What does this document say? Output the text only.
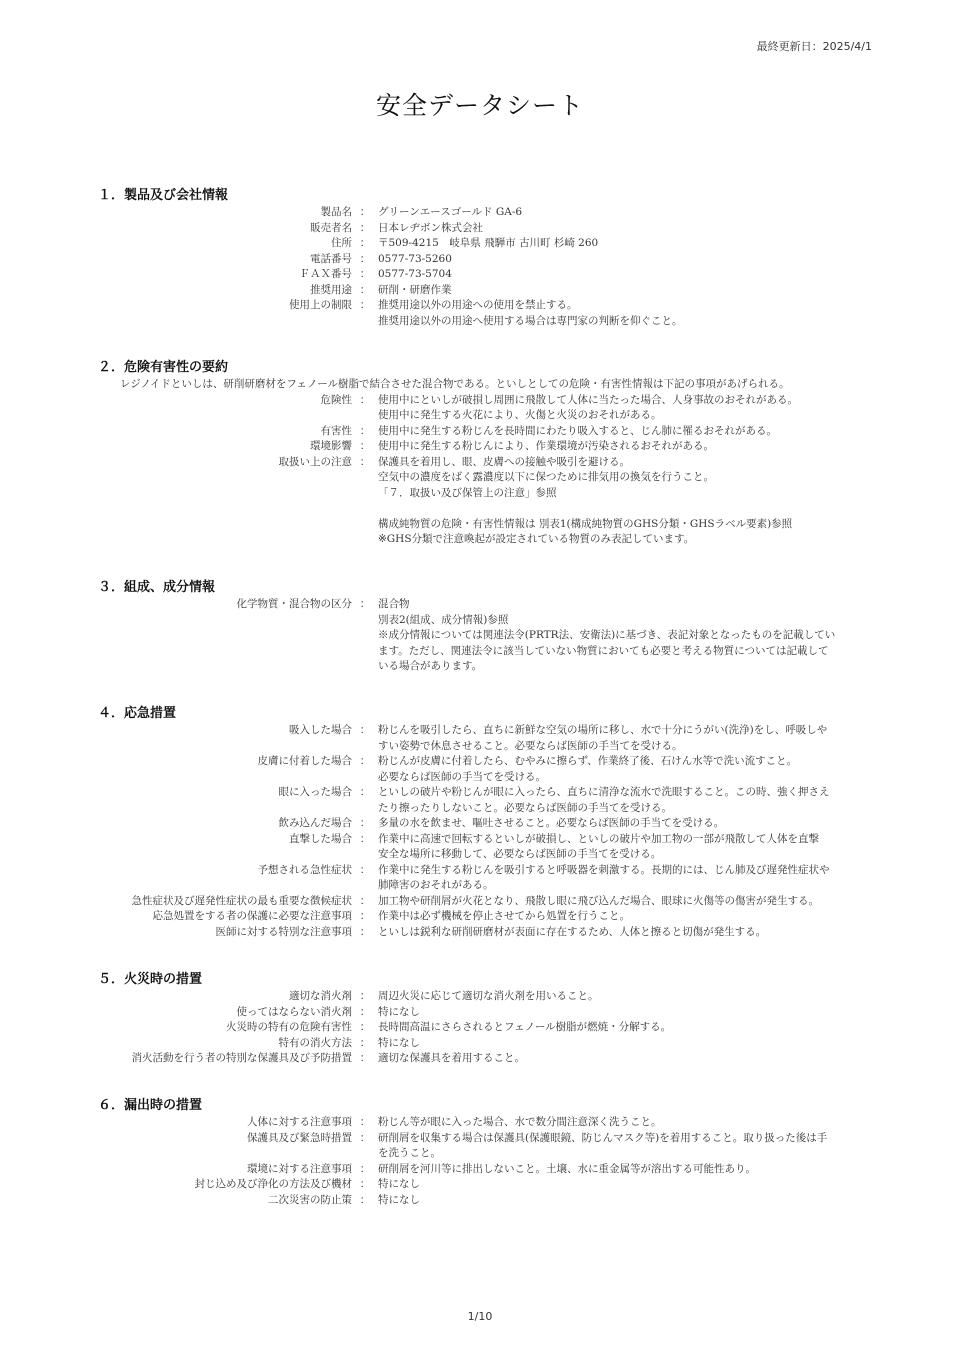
最終更新日：2025/4/1
安全データシート
１．製品及び会社情報
製品名 ： グリーンエースゴールド GA-6
販売者名 ： 日本レヂボン株式会社
住所 ： 〒509-4215　岐阜県 飛騨市 古川町 杉崎 260
電話番号 ： 0577-73-5260
ＦＡＸ番号 ： 0577-73-5704
推奨用途 ： 研削・研磨作業
使用上の制限 ： 推奨用途以外の用途への使用を禁止する。
推奨用途以外の用途へ使用する場合は専門家の判断を仰ぐこと。
２．危険有害性の要約
レジノイドといしは、研削研磨材をフェノール樹脂で結合させた混合物である。といしとしての危険・有害性情報は下記の事項があげられる。
危険性 ： 使用中にといしが破損し周囲に飛散して人体に当たった場合、人身事故のおそれがある。
使用中に発生する火花により、火傷と火災のおそれがある。
有害性 ： 使用中に発生する粉じんを長時間にわたり吸入すると、じん肺に罹るおそれがある。
環境影響 ： 使用中に発生する粉じんにより、作業環境が汚染されるおそれがある。
取扱い上の注意 ： 保護具を着用し、眼、皮膚への接触や吸引を避ける。
空気中の濃度をばく露濃度以下に保つために排気用の換気を行うこと。
「７．取扱い及び保管上の注意」参照
構成純物質の危険・有害性情報は 別表1(構成純物質のGHS分類・GHSラベル要素)参照
※GHS分類で注意喚起が設定されている物質のみ表記しています。
３．組成、成分情報
化学物質・混合物の区分 ： 混合物
別表2(組成、成分情報)参照
※成分情報については関連法令(PRTR法、安衛法)に基づき、表記対象となったものを記載してい
ます。ただし、関連法令に該当していない物質においても必要と考える物質については記載して
いる場合があります。
４．応急措置
吸入した場合 ： 粉じんを吸引したら、直ちに新鮮な空気の場所に移し、水で十分にうがい(洗浄)をし、呼吸しや
すい姿勢で休息させること。必要ならば医師の手当てを受ける。
皮膚に付着した場合 ： 粉じんが皮膚に付着したら、むやみに擦らず、作業終了後、石けん水等で洗い流すこと。
必要ならば医師の手当てを受ける。
眼に入った場合 ： といしの破片や粉じんが眼に入ったら、直ちに清浄な流水で洗眼すること。この時、強く押さえ
たり擦ったりしないこと。必要ならば医師の手当てを受ける。
飲み込んだ場合 ： 多量の水を飲ませ、嘔吐させること。必要ならば医師の手当てを受ける。
直撃した場合 ： 作業中に高速で回転するといしが破損し、といしの破片や加工物の一部が飛散して人体を直撃
安全な場所に移動して、必要ならば医師の手当てを受ける。
予想される急性症状 ： 作業中に発生する粉じんを吸引すると呼吸器を刺激する。長期的には、じん肺及び遅発性症状や
肺障害のおそれがある。
急性症状及び遅発性症状の最も重要な徴候症状 ： 加工物や研削屑が火花となり、飛散し眼に飛び込んだ場合、眼球に火傷等の傷害が発生する。
応急処置をする者の保護に必要な注意事項 ： 作業中は必ず機械を停止させてから処置を行うこと。
医師に対する特別な注意事項 ： といしは鋭利な研削研磨材が表面に存在するため、人体と擦ると切傷が発生する。
５．火災時の措置
適切な消火剤 ： 周辺火災に応じて適切な消火剤を用いること。
使ってはならない消火剤 ： 特になし
火災時の特有の危険有害性 ： 長時間高温にさらされるとフェノール樹脂が燃焼・分解する。
特有の消火方法 ： 特になし
消火活動を行う者の特別な保護具及び予防措置 ： 適切な保護具を着用すること。
６．漏出時の措置
人体に対する注意事項 ： 粉じん等が眼に入った場合、水で数分間注意深く洗うこと。
保護具及び緊急時措置 ： 研削屑を収集する場合は保護具(保護眼鏡、防じんマスク等)を着用すること。取り扱った後は手
を洗うこと。
環境に対する注意事項 ： 研削屑を河川等に排出しないこと。土壌、水に重金属等が溶出する可能性あり。
封じ込め及び浄化の方法及び機材 ： 特になし
二次災害の防止策 ： 特になし
1/10
